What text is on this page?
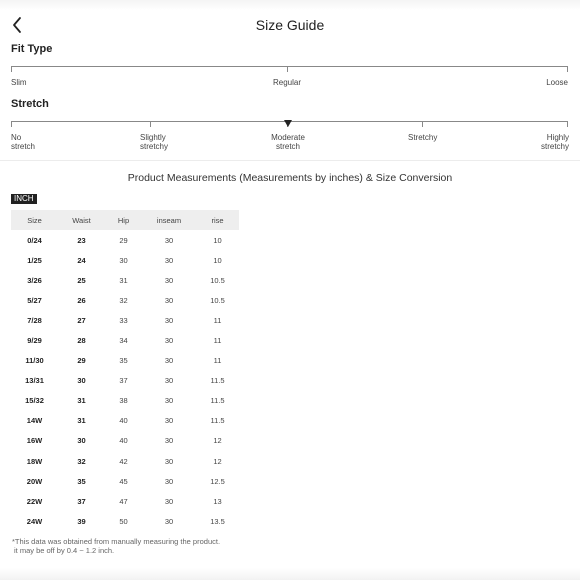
Size Guide
Fit Type
Slim	Regular	Loose
Stretch
No
stretch
Slightly
stretchy
Moderate
stretch
Stretchy	Highly
stretchy
Product Measurements (Measurements by inches) & Size Conversion
INCH
Size	Waist	Hip	inseam	rise
0/24	23	29	30	10
1/25	24	30	30	10
3/26	25	31	30	10.5
5/27	26	32	30	10.5
7/28	27	33	30	11
9/29	28	34	30	11
11/30	29	35	30	11
13/31	30	37	30	11.5
15/32	31	38	30	11.5
14W	31	40	30	11.5
16W	30	40	30	12
18W	32	42	30	12
20W	35	45	30	12.5
22W	37	47	30	13
24W	39	50	30	13.5
*This data was obtained from manually measuring the product.
it may be off by 0.4 ~ 1.2 inch.
